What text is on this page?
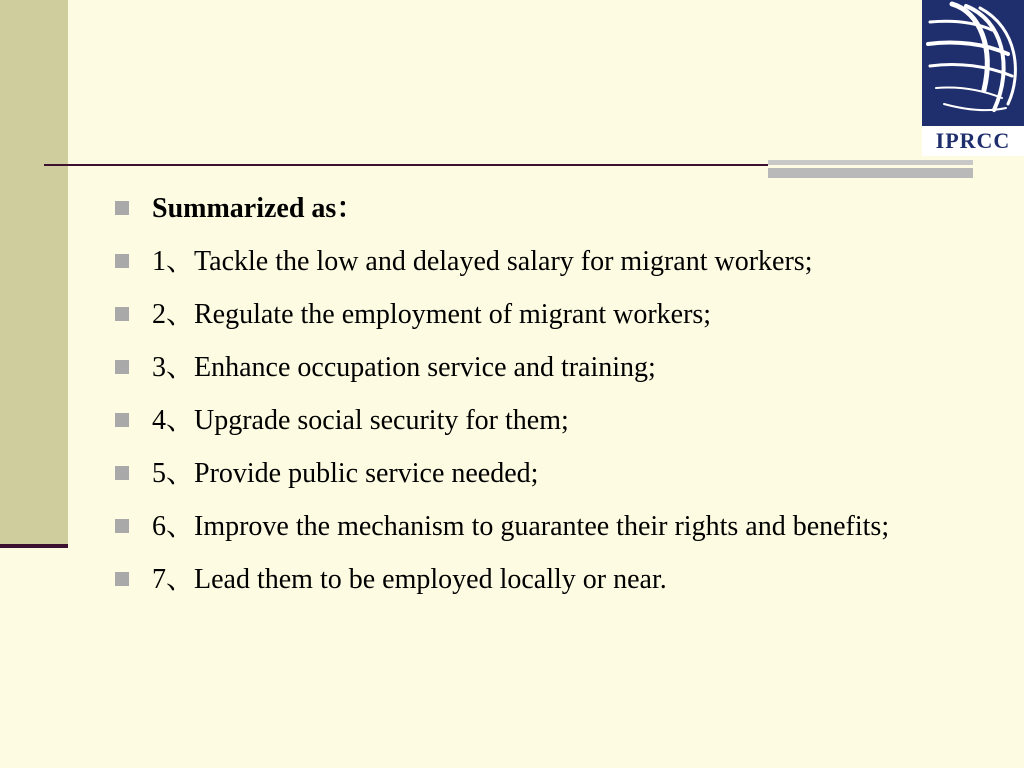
IPRCC
Summarized as：
1、Tackle the low and delayed salary for migrant workers;
2、Regulate the employment of migrant workers;
3、Enhance occupation service and training;
4、Upgrade social security for them;
5、Provide public service needed;
6、Improve the mechanism to guarantee their rights and benefits;
7、Lead them to be employed locally or near.
